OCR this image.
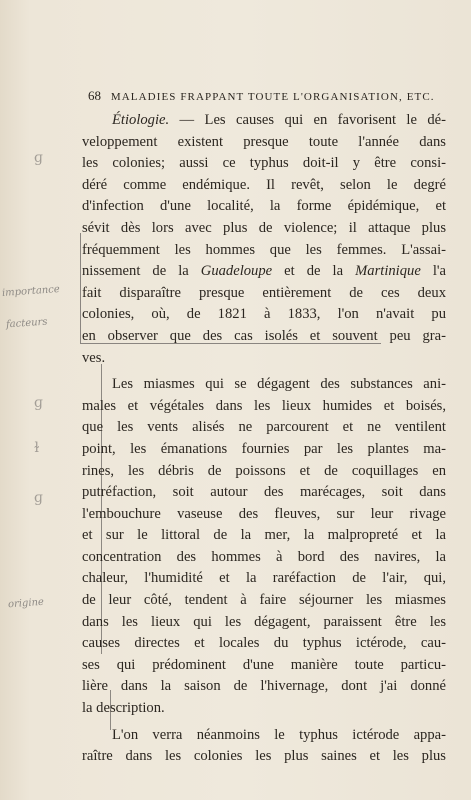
68 MALADIES FRAPPANT TOUTE L'ORGANISATION, ETC.
importance
facteurs
origine
ɡ
ɡ
ɫ
ɡ
Étiologie. — Les causes qui en favorisent le dé-
veloppement existent presque toute l'année dans
les colonies; aussi ce typhus doit-il y être consi-
déré comme endémique. Il revêt, selon le degré
d'infection d'une localité, la forme épidémique, et
sévit dès lors avec plus de violence; il attaque plus
fréquemment les hommes que les femmes. L'assai-
nissement de la Guadeloupe et de la Martinique l'a
fait disparaître presque entièrement de ces deux
colonies, où, de 1821 à 1833, l'on n'avait pu
en observer que des cas isolés et souvent peu gra-
ves.
Les miasmes qui se dégagent des substances ani-
males et végétales dans les lieux humides et boisés,
que les vents alisés ne parcourent et ne ventilent
point, les émanations fournies par les plantes ma-
rines, les débris de poissons et de coquillages en
putréfaction, soit autour des marécages, soit dans
l'embouchure vaseuse des fleuves, sur leur rivage
et sur le littoral de la mer, la malpropreté et la
concentration des hommes à bord des navires, la
chaleur, l'humidité et la raréfaction de l'air, qui,
de leur côté, tendent à faire séjourner les miasmes
dans les lieux qui les dégagent, paraissent être les
causes directes et locales du typhus ictérode, cau-
ses qui prédominent d'une manière toute particu-
lière dans la saison de l'hivernage, dont j'ai donné
la description.
L'on verra néanmoins le typhus ictérode appa-
raître dans les colonies les plus saines et les plus
